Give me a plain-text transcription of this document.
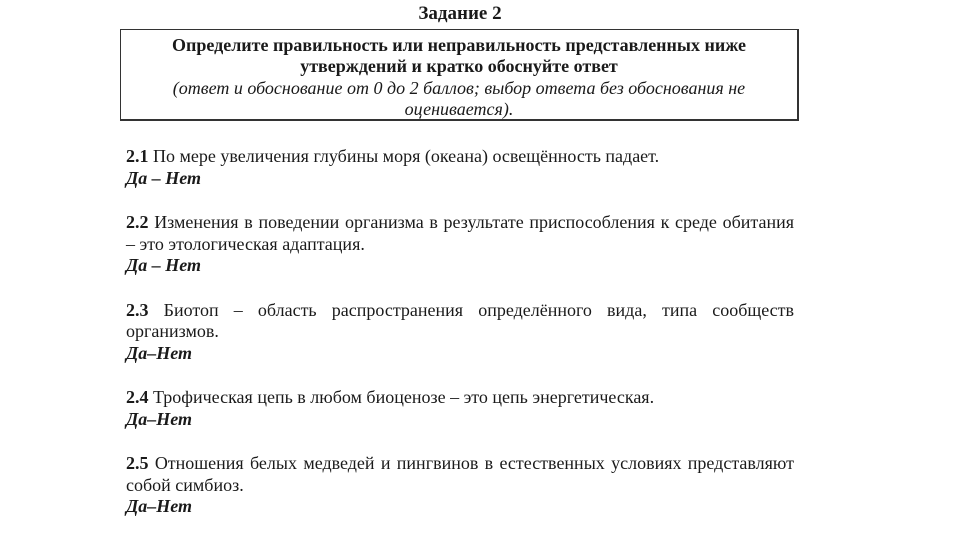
Задание 2
Определите правильность или неправильность представленных ниже утверждений и кратко обоснуйте ответ
(ответ и обоснование от 0 до 2 баллов; выбор ответа без обоснования не оценивается).
2.1 По мере увеличения глубины моря (океана) освещённость падает.
Да – Нет
2.2 Изменения в поведении организма в результате приспособления к среде обитания – это этологическая адаптация.
Да – Нет
2.3 Биотоп – область распространения определённого вида, типа сообществ организмов.
Да–Нет
2.4 Трофическая цепь в любом биоценозе – это цепь энергетическая.
Да–Нет
2.5 Отношения белых медведей и пингвинов в естественных условиях представляют собой симбиоз.
Да–Нет
